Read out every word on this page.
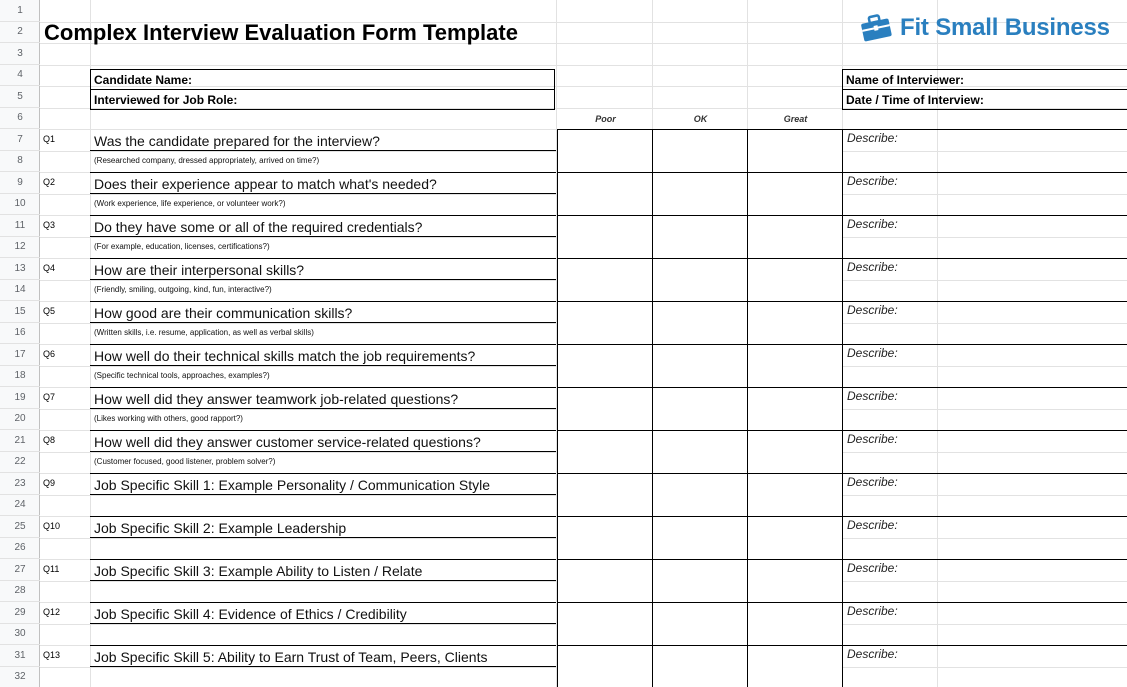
1
2
3
4
5
6
7
8
9
10
11
12
13
14
15
16
17
18
19
20
21
22
23
24
25
26
27
28
29
30
31
32
Complex Interview Evaluation Form Template	Fit Small Business
Candidate Name:
Interviewed for Job Role:
Name of Interviewer:
Date / Time of Interview:
Poor	OK	Great
Q1	Was the candidate prepared for the interview?
(Researched company, dressed appropriately, arrived on time?)
Describe:
Q2	Does their experience appear to match what's needed?
(Work experience, life experience, or volunteer work?)
Describe:
Q3	Do they have some or all of the required credentials?
(For example, education, licenses, certifications?)
Describe:
Q4	How are their interpersonal skills?
(Friendly, smiling, outgoing, kind, fun, interactive?)
Describe:
Q5	How good are their communication skills?
(Written skills, i.e. resume, application, as well as verbal skills)
Describe:
Q6	How well do their technical skills match the job requirements?
(Specific technical tools, approaches, examples?)
Describe:
Q7	How well did they answer teamwork job-related questions?
(Likes working with others, good rapport?)
Describe:
Q8	How well did they answer customer service-related questions?
(Customer focused, good listener, problem solver?)
Describe:
Q9	Job Specific Skill 1: Example Personality / Communication Style	Describe:
Q10 Job Specific Skill 2: Example Leadership	Describe:
Q11 Job Specific Skill 3: Example Ability to Listen / Relate	Describe:
Q12 Job Specific Skill 4: Evidence of Ethics / Credibility	Describe:
Q13 Job Specific Skill 5: Ability to Earn Trust of Team, Peers, Clients	Describe:
